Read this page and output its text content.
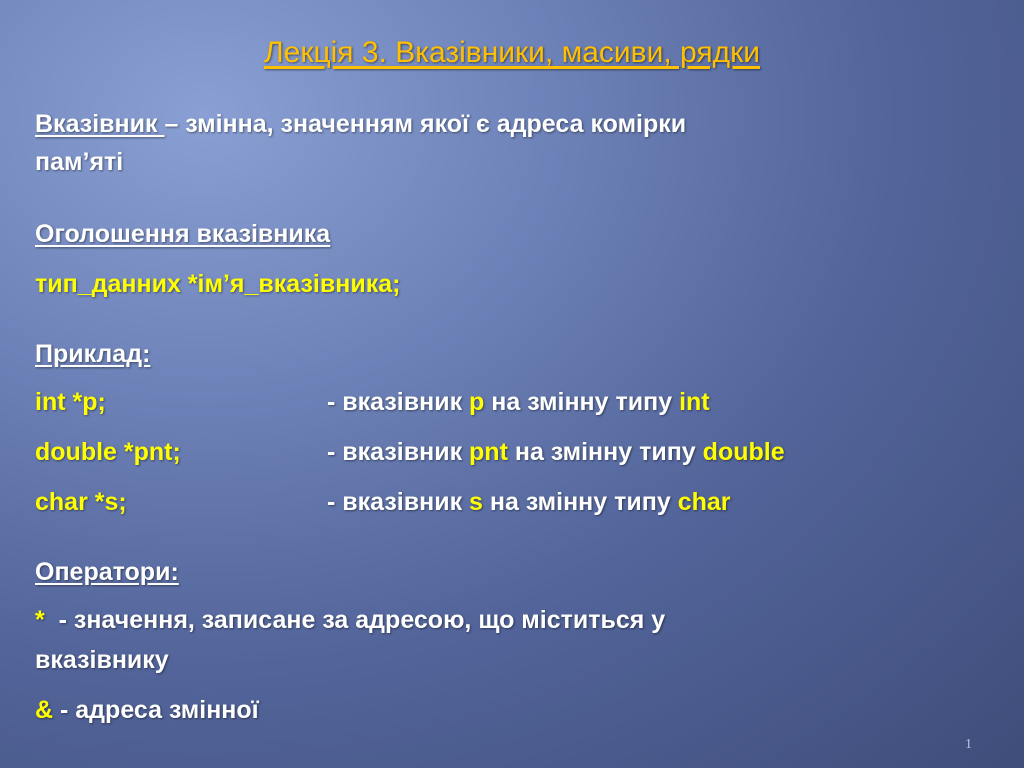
Лекція 3. Вказівники, масиви, рядки
Вказівник – змінна, значенням якої є адреса комірки
пам’яті
Оголошення вказівника
тип_данних *ім’я_вказівника;
Приклад:
int *p;	- вказівник p на змінну типу int
double *pnt;	- вказівник pnt на змінну типу double
char *s;	- вказівник s на змінну типу char
Оператори:
*  - значення, записане за адресою, що міститься у
вказівнику
& - адреса змінної
1
